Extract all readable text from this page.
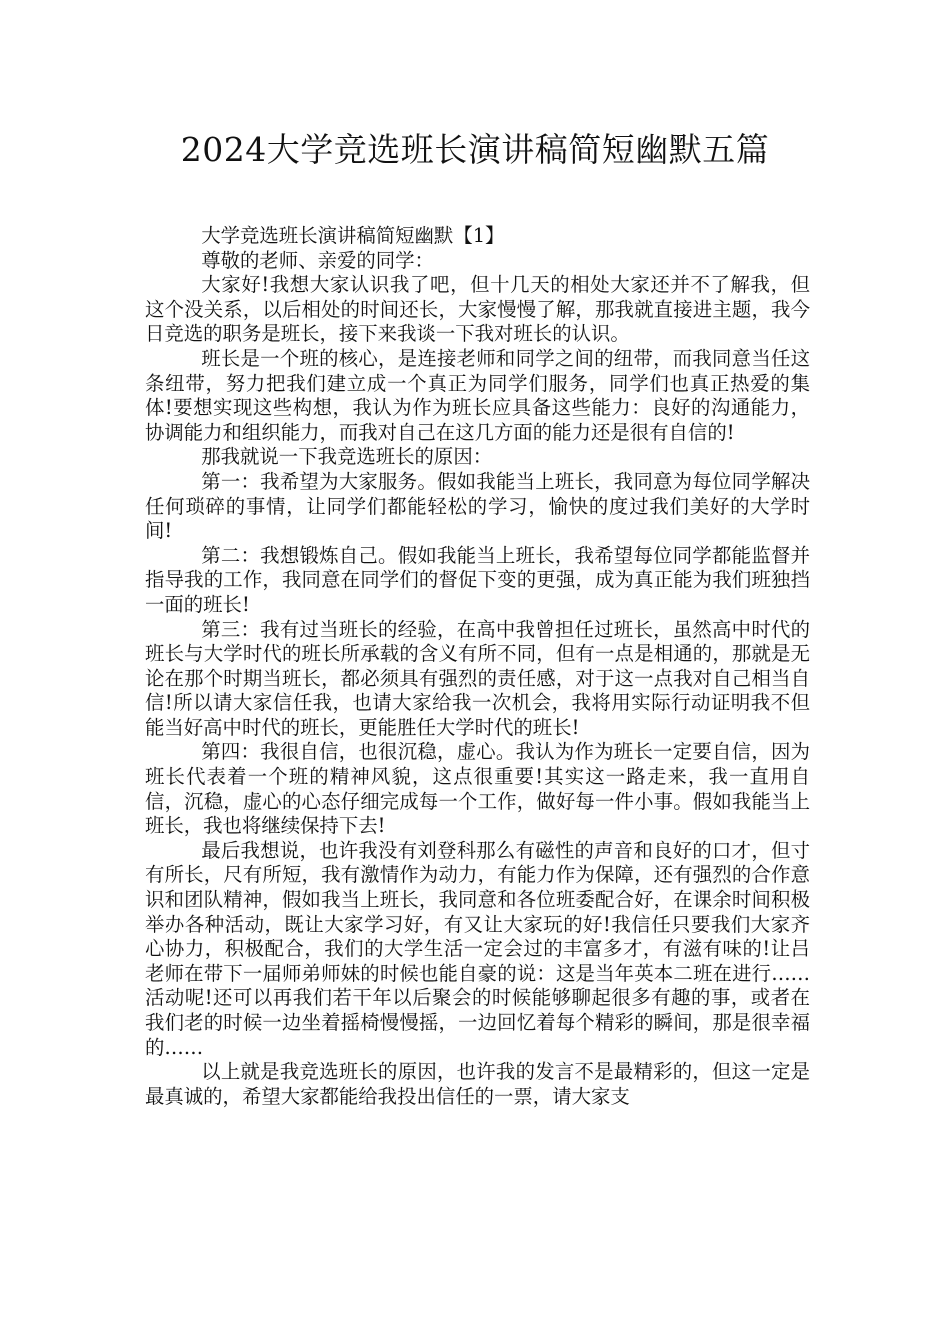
2024大学竞选班长演讲稿简短幽默五篇

大学竞选班长演讲稿简短幽默【1】

尊敬的老师、亲爱的同学：

大家好!我想大家认识我了吧，但十几天的相处大家还并不了解我，但这个没关系，以后相处的时间还长，大家慢慢了解，那我就直接进主题，我今日竞选的职务是班长，接下来我谈一下我对班长的认识。

班长是一个班的核心，是连接老师和同学之间的纽带，而我同意当任这条纽带，努力把我们建立成一个真正为同学们服务，同学们也真正热爱的集体!要想实现这些构想，我认为作为班长应具备这些能力：良好的沟通能力，协调能力和组织能力，而我对自己在这几方面的能力还是很有自信的!

那我就说一下我竞选班长的原因：

第一：我希望为大家服务。假如我能当上班长，我同意为每位同学解决任何琐碎的事情，让同学们都能轻松的学习，愉快的度过我们美好的大学时间!

第二：我想锻炼自己。假如我能当上班长，我希望每位同学都能监督并指导我的工作，我同意在同学们的督促下变的更强，成为真正能为我们班独挡一面的班长!

第三：我有过当班长的经验，在高中我曾担任过班长，虽然高中时代的班长与大学时代的班长所承载的含义有所不同，但有一点是相通的，那就是无论在那个时期当班长，都必须具有强烈的责任感，对于这一点我对自己相当自信!所以请大家信任我，也请大家给我一次机会，我将用实际行动证明我不但能当好高中时代的班长，更能胜任大学时代的班长!

第四：我很自信，也很沉稳，虚心。我认为作为班长一定要自信，因为班长代表着一个班的精神风貌，这点很重要!其实这一路走来，我一直用自信，沉稳，虚心的心态仔细完成每一个工作，做好每一件小事。假如我能当上班长，我也将继续保持下去!

最后我想说，也许我没有刘登科那么有磁性的声音和良好的口才，但寸有所长，尺有所短，我有激情作为动力，有能力作为保障，还有强烈的合作意识和团队精神，假如我当上班长，我同意和各位班委配合好，在课余时间积极举办各种活动，既让大家学习好，有又让大家玩的好!我信任只要我们大家齐心协力，积极配合，我们的大学生活一定会过的丰富多才，有滋有味的!让吕老师在带下一届师弟师妹的时候也能自豪的说：这是当年英本二班在进行……活动呢!还可以再我们若干年以后聚会的时候能够聊起很多有趣的事，或者在我们老的时候一边坐着摇椅慢慢摇，一边回忆着每个精彩的瞬间，那是很幸福的……

以上就是我竞选班长的原因，也许我的发言不是最精彩的，但这一定是最真诚的，希望大家都能给我投出信任的一票，请大家支
